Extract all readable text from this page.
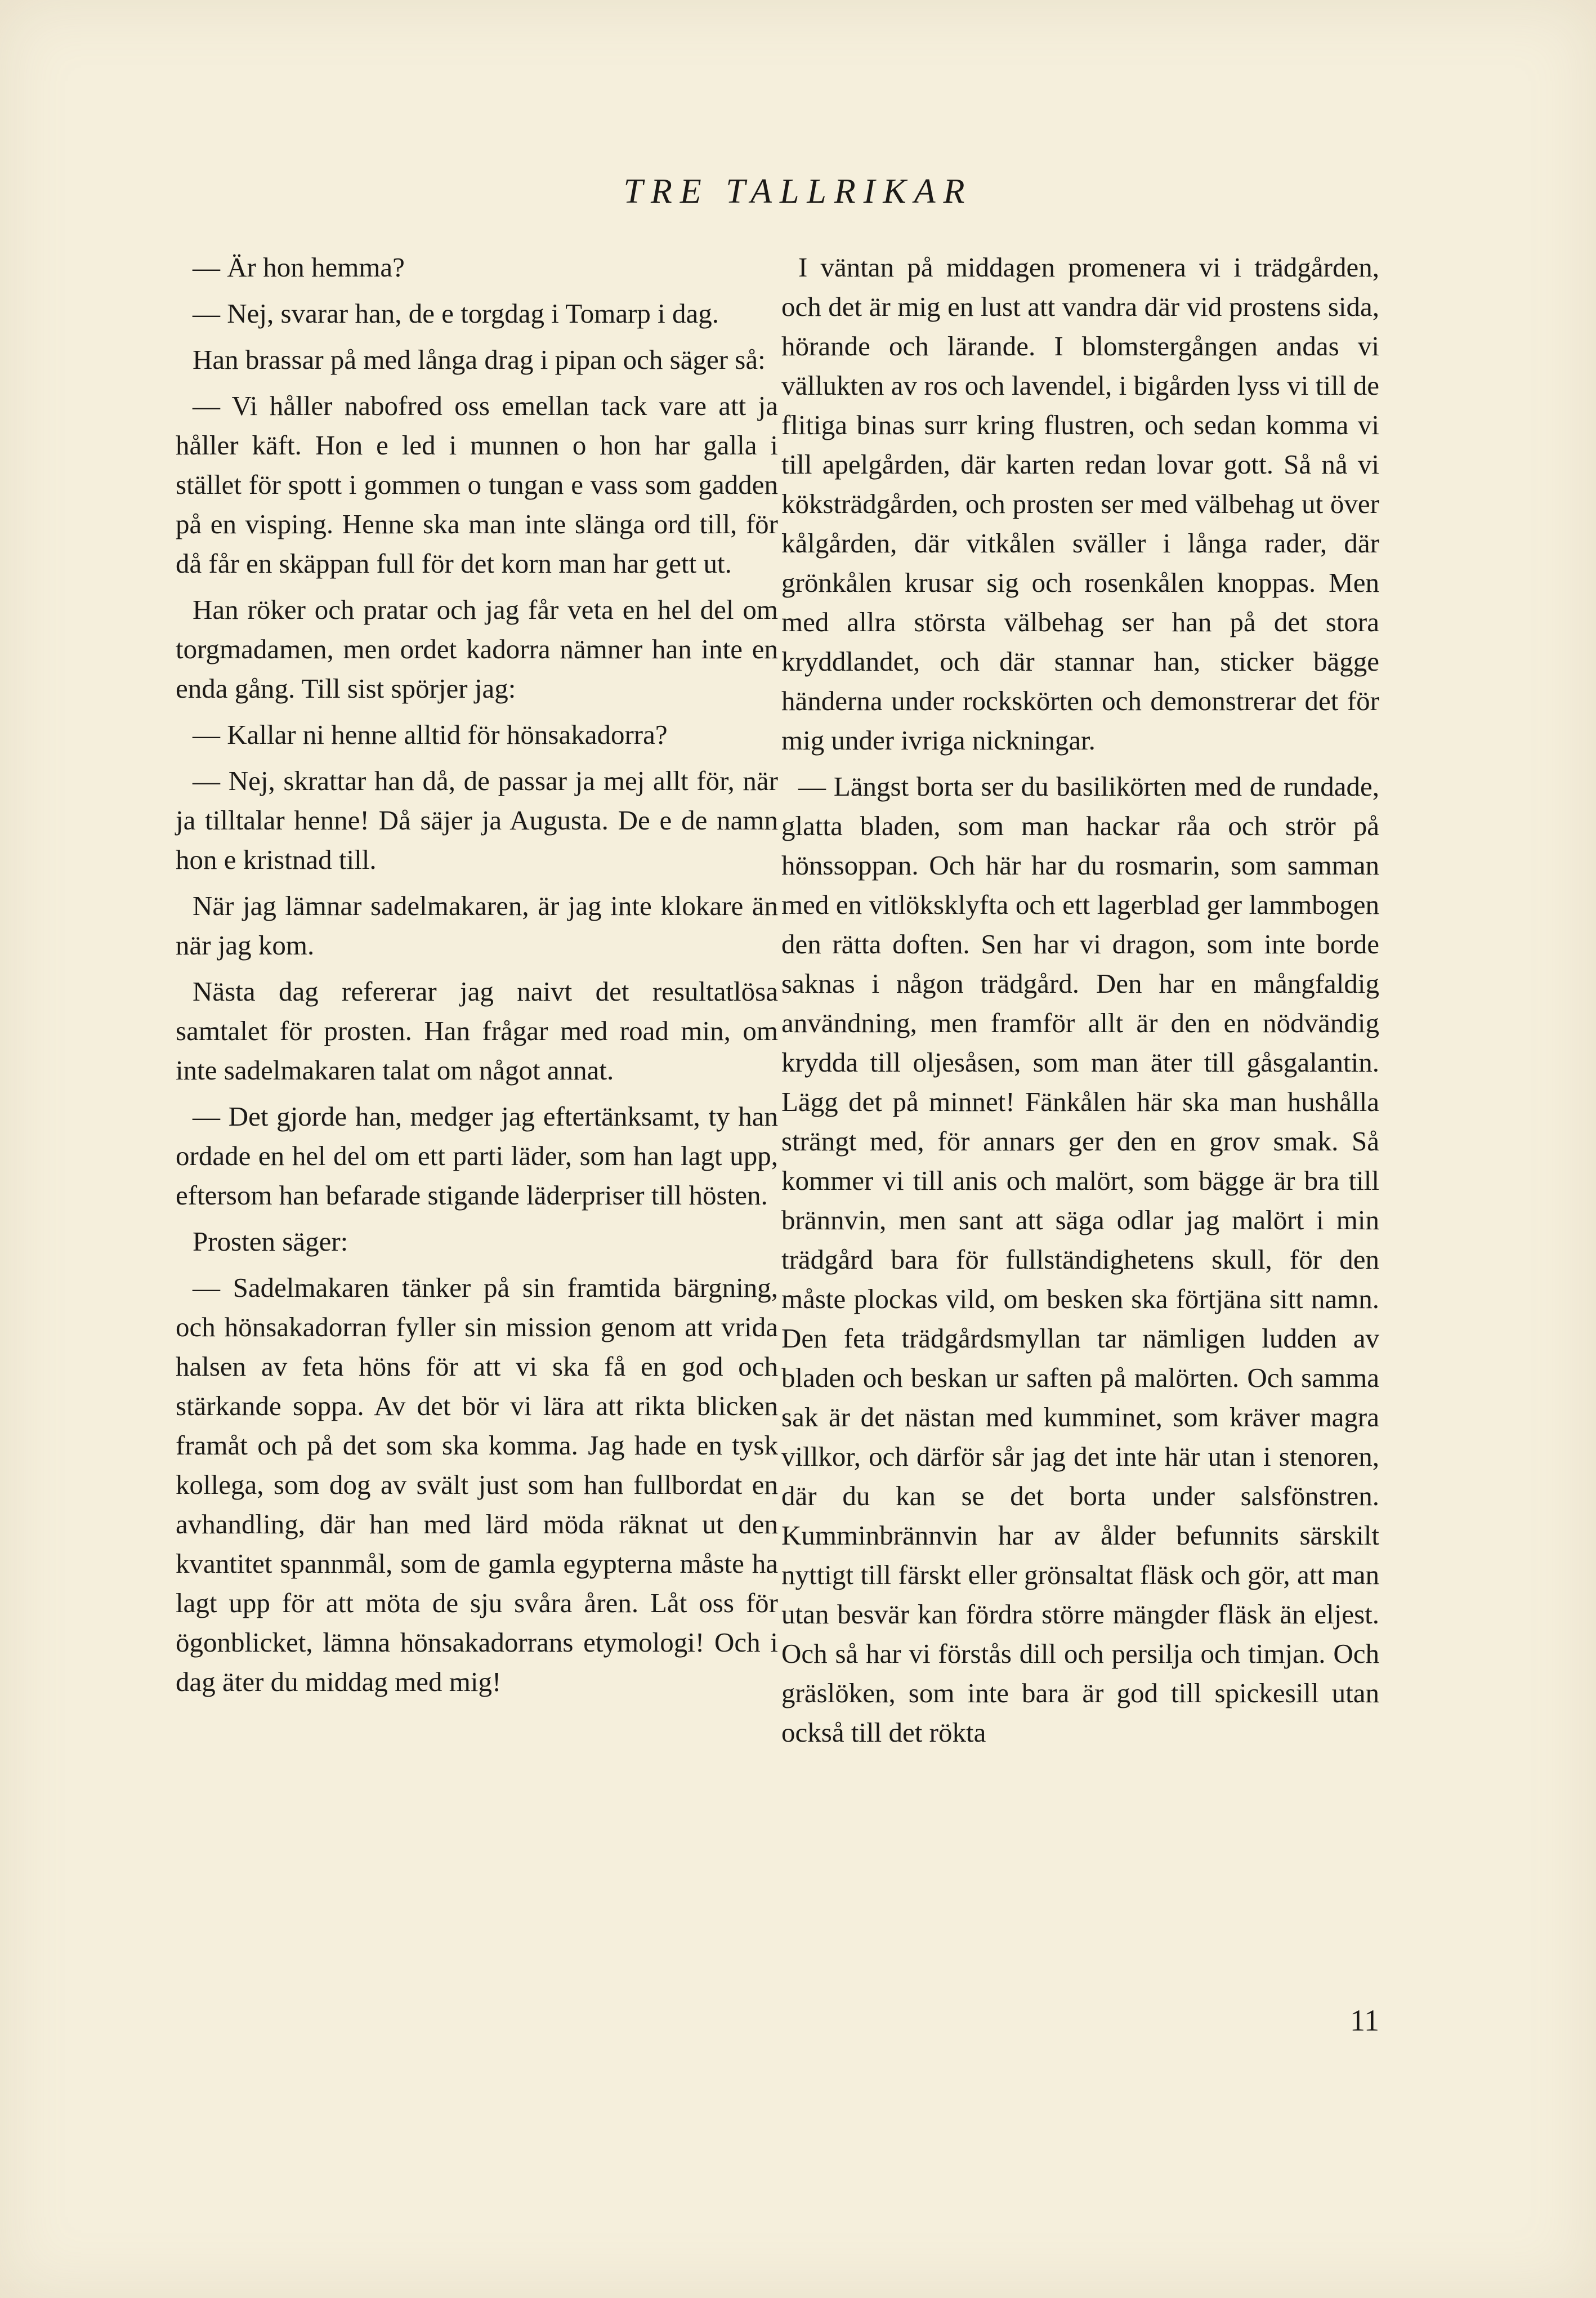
TRE TALLRIKAR

— Är hon hemma?

— Nej, svarar han, de e torgdag i Tomarp i dag.

Han brassar på med långa drag i pipan och säger så:

— Vi håller nabofred oss emellan tack vare att ja håller käft. Hon e led i munnen o hon har galla i stället för spott i gommen o tungan e vass som gadden på en visping. Henne ska man inte slänga ord till, för då får en skäppan full för det korn man har gett ut.

Han röker och pratar och jag får veta en hel del om torgmadamen, men ordet kadorra nämner han inte en enda gång. Till sist spörjer jag:

— Kallar ni henne alltid för hönsakadorra?

— Nej, skrattar han då, de passar ja mej allt för, när ja tilltalar henne! Då säjer ja Augusta. De e de namn hon e kristnad till.

När jag lämnar sadelmakaren, är jag inte klokare än när jag kom.

Nästa dag refererar jag naivt det resultatlösa samtalet för prosten. Han frågar med road min, om inte sadelmakaren talat om något annat.

— Det gjorde han, medger jag eftertänksamt, ty han ordade en hel del om ett parti läder, som han lagt upp, eftersom han befarade stigande läderpriser till hösten.

Prosten säger:

— Sadelmakaren tänker på sin framtida bärgning, och hönsakadorran fyller sin mission genom att vrida halsen av feta höns för att vi ska få en god och stärkande soppa. Av det bör vi lära att rikta blicken framåt och på det som ska komma. Jag hade en tysk kollega, som dog av svält just som han fullbordat en avhandling, där han med lärd möda räknat ut den kvantitet spannmål, som de gamla egypterna måste ha lagt upp för att möta de sju svåra åren. Låt oss för ögonblicket, lämna hönsakadorrans etymologi! Och i dag äter du middag med mig!

I väntan på middagen promenera vi i trädgården, och det är mig en lust att vandra där vid prostens sida, hörande och lärande. I blomstergången andas vi vällukten av ros och lavendel, i bigården lyss vi till de flitiga binas surr kring flustren, och sedan komma vi till apelgården, där karten redan lovar gott. Så nå vi köksträdgården, och prosten ser med välbehag ut över kålgården, där vitkålen sväller i långa rader, där grönkålen krusar sig och rosenkålen knoppas. Men med allra största välbehag ser han på det stora kryddlandet, och där stannar han, sticker bägge händerna under rockskörten och demonstrerar det för mig under ivriga nickningar.

— Längst borta ser du basilikörten med de rundade, glatta bladen, som man hackar råa och strör på hönssoppan. Och här har du rosmarin, som samman med en vitlöksklyfta och ett lagerblad ger lammbogen den rätta doften. Sen har vi dragon, som inte borde saknas i någon trädgård. Den har en mångfaldig användning, men framför allt är den en nödvändig krydda till oljesåsen, som man äter till gåsgalantin. Lägg det på minnet! Fänkålen här ska man hushålla strängt med, för annars ger den en grov smak. Så kommer vi till anis och malört, som bägge är bra till brännvin, men sant att säga odlar jag malört i min trädgård bara för fullständighetens skull, för den måste plockas vild, om besken ska förtjäna sitt namn. Den feta trädgårdsmyllan tar nämligen ludden av bladen och beskan ur saften på malörten. Och samma sak är det nästan med kumminet, som kräver magra villkor, och därför sår jag det inte här utan i stenoren, där du kan se det borta under salsfönstren. Kumminbrännvin har av ålder befunnits särskilt nyttigt till färskt eller grönsaltat fläsk och gör, att man utan besvär kan fördra större mängder fläsk än eljest. Och så har vi förstås dill och persilja och timjan. Och gräslöken, som inte bara är god till spickesill utan också till det rökta

11
